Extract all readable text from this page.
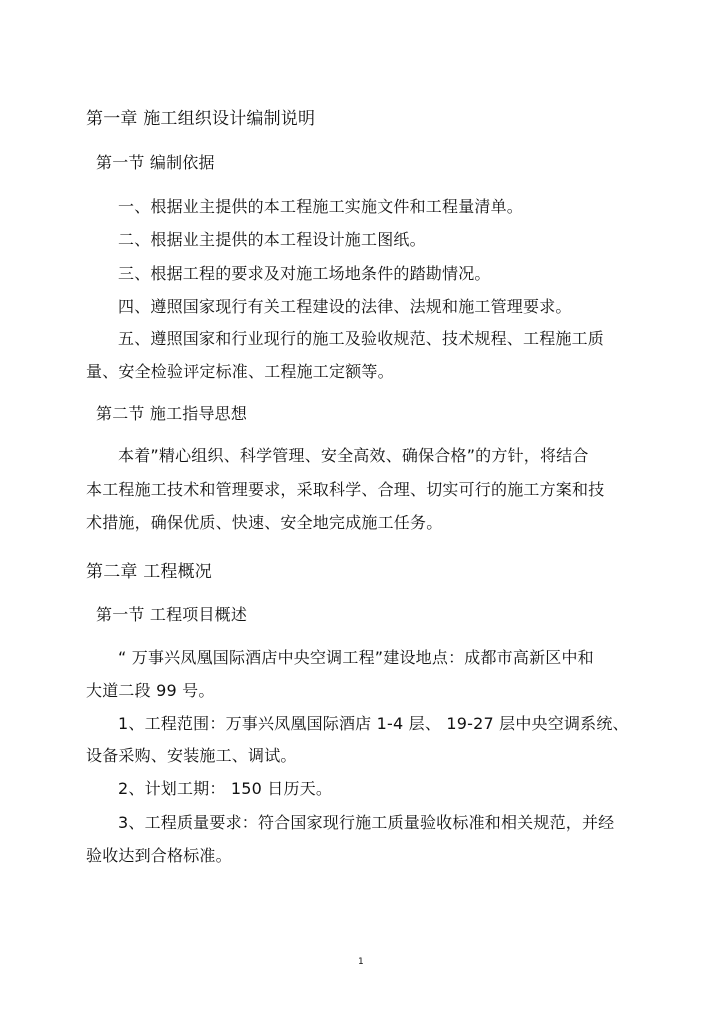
第一章 施工组织设计编制说明
第一节 编制依据
一、根据业主提供的本工程施工实施文件和工程量清单。
二、根据业主提供的本工程设计施工图纸。
三、根据工程的要求及对施工场地条件的踏勘情况。
四、遵照国家现行有关工程建设的法律、法规和施工管理要求。
五、遵照国家和行业现行的施工及验收规范、技术规程、工程施工质
量、安全检验评定标准、工程施工定额等。
第二节 施工指导思想
本着”精心组织、科学管理、安全高效、确保合格”的方针，将结合
本工程施工技术和管理要求，采取科学、合理、切实可行的施工方案和技
术措施，确保优质、快速、安全地完成施工任务。
第二章 工程概况
第一节 工程项目概述
“ 万事兴凤凰国际酒店中央空调工程”建设地点：成都市高新区中和
大道二段 99 号。
1、工程范围：万事兴凤凰国际酒店 1-4 层、 19-27 层中央空调系统、
设备采购、安装施工、调试。
2、计划工期： 150 日历天。
3、工程质量要求：符合国家现行施工质量验收标准和相关规范，并经
验收达到合格标准。
1
